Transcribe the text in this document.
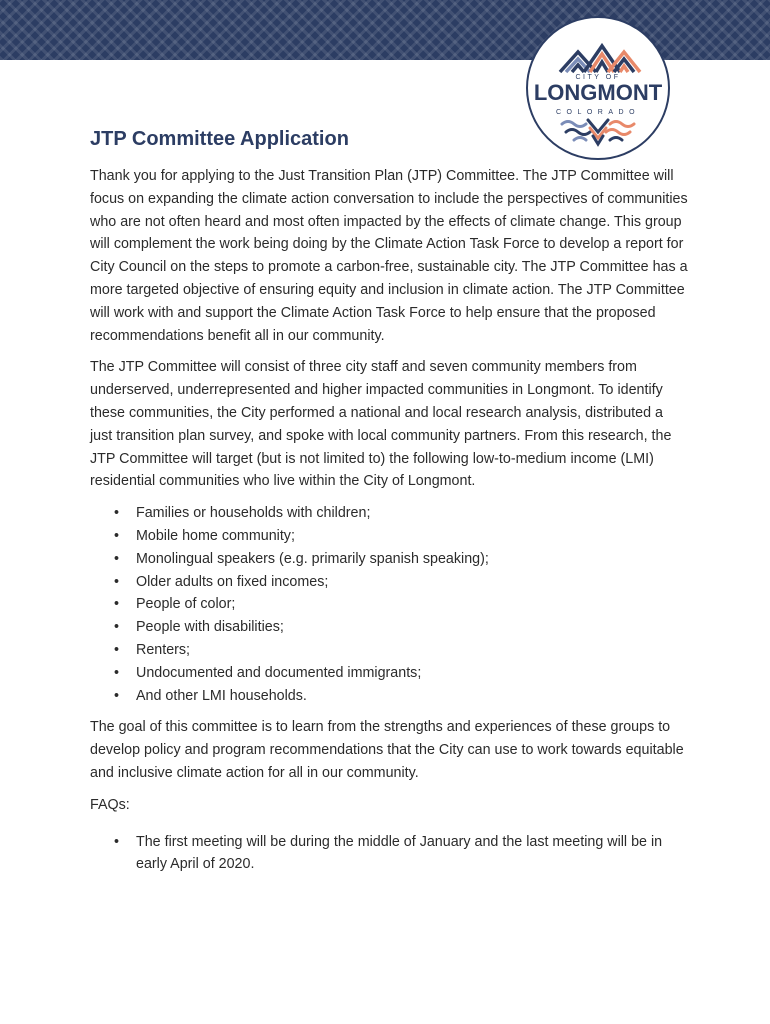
CITY OF
LONGMONT
COLORADO
JTP Committee Application

Thank you for applying to the Just Transition Plan (JTP) Committee. The JTP Committee will focus on expanding the climate action conversation to include the perspectives of communities who are not often heard and most often impacted by the effects of climate change. This group will complement the work being doing by the Climate Action Task Force to develop a report for City Council on the steps to promote a carbon-free, sustainable city. The JTP Committee has a more targeted objective of ensuring equity and inclusion in climate action. The JTP Committee will work with and support the Climate Action Task Force to help ensure that the proposed recommendations benefit all in our community.

The JTP Committee will consist of three city staff and seven community members from underserved, underrepresented and higher impacted communities in Longmont. To identify these communities, the City performed a national and local research analysis, distributed a just transition plan survey, and spoke with local community partners. From this research, the JTP Committee will target (but is not limited to) the following low-to-medium income (LMI) residential communities who live within the City of Longmont.

• Families or households with children;
• Mobile home community;
• Monolingual speakers (e.g. primarily spanish speaking);
• Older adults on fixed incomes;
• People of color;
• People with disabilities;
• Renters;
• Undocumented and documented immigrants;
• And other LMI households.

The goal of this committee is to learn from the strengths and experiences of these groups to develop policy and program recommendations that the City can use to work towards equitable and inclusive climate action for all in our community.

FAQs:

• The first meeting will be during the middle of January and the last meeting will be in early April of 2020.
